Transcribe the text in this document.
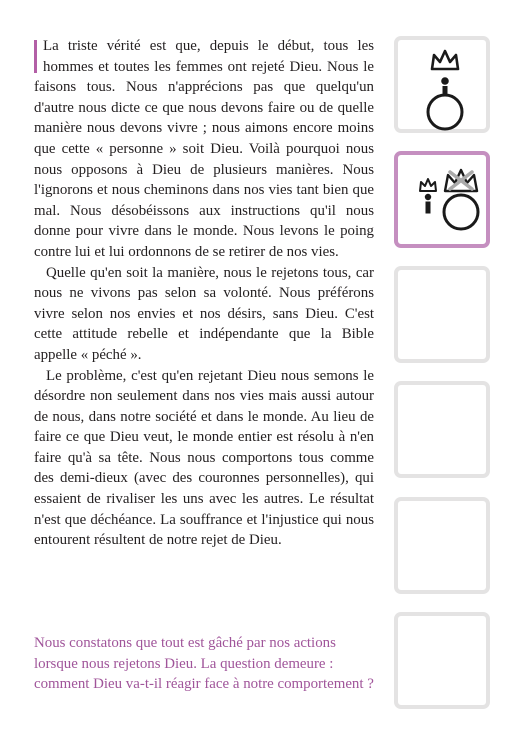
La triste vérité est que, depuis le début, tous les hommes et toutes les femmes ont rejeté Dieu. Nous le faisons tous. Nous n'apprécions pas que quelqu'un d'autre nous dicte ce que nous devons faire ou de quelle manière nous devons vivre ; nous aimons encore moins que cette « personne » soit Dieu. Voilà pourquoi nous nous opposons à Dieu de plusieurs manières. Nous l'ignorons et nous cheminons dans nos vies tant bien que mal. Nous désobéissons aux instructions qu'il nous donne pour vivre dans le monde. Nous levons le poing contre lui et lui ordonnons de se retirer de nos vies.

Quelle qu'en soit la manière, nous le rejetons tous, car nous ne vivons pas selon sa volonté. Nous préférons vivre selon nos envies et nos désirs, sans Dieu. C'est cette attitude rebelle et indépendante que la Bible appelle « péché ».

Le problème, c'est qu'en rejetant Dieu nous semons le désordre non seulement dans nos vies mais aussi autour de nous, dans notre société et dans le monde. Au lieu de faire ce que Dieu veut, le monde entier est résolu à n'en faire qu'à sa tête. Nous nous comportons tous comme des demi-dieux (avec des couronnes personnelles), qui essaient de rivaliser les uns avec les autres. Le résultat n'est que déchéance. La souffrance et l'injustice qui nous entourent résultent de notre rejet de Dieu.

Nous constatons que tout est gâché par nos actions lorsque nous rejetons Dieu. La question demeure : comment Dieu va-t-il réagir face à notre comportement ?
